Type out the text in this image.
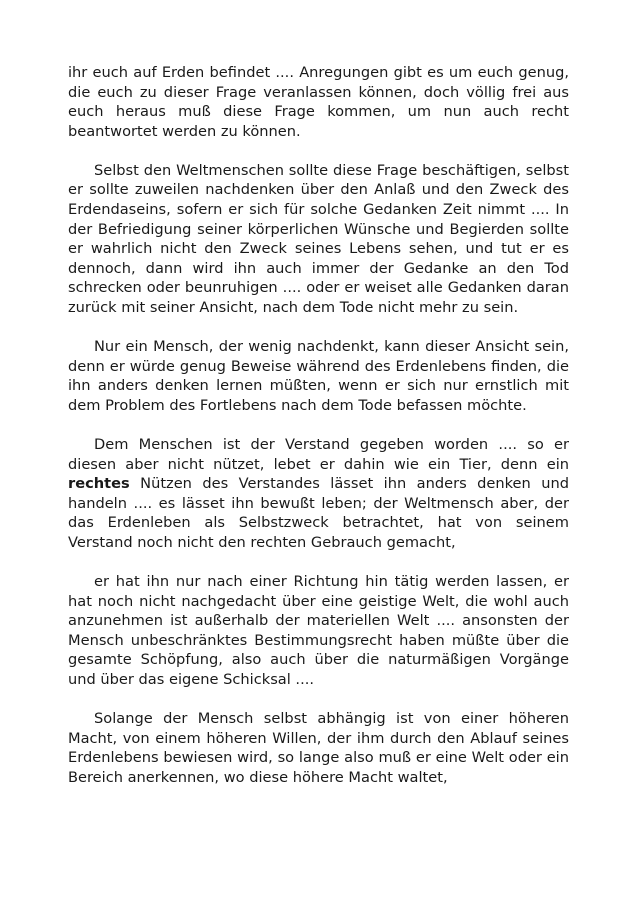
ihr euch auf Erden befindet .... Anregungen gibt es um euch genug, die euch zu dieser Frage veranlassen können, doch völlig frei aus euch heraus muß diese Frage kommen, um nun auch recht beantwortet werden zu können.

Selbst den Weltmenschen sollte diese Frage beschäftigen, selbst er sollte zuweilen nachdenken über den Anlaß und den Zweck des Erdendaseins, sofern er sich für solche Gedanken Zeit nimmt .... In der Befriedigung seiner körperlichen Wünsche und Begierden sollte er wahrlich nicht den Zweck seines Lebens sehen, und tut er es dennoch, dann wird ihn auch immer der Gedanke an den Tod schrecken oder beunruhigen .... oder er weiset alle Gedanken daran zurück mit seiner Ansicht, nach dem Tode nicht mehr zu sein.

Nur ein Mensch, der wenig nachdenkt, kann dieser Ansicht sein, denn er würde genug Beweise während des Erdenlebens finden, die ihn anders denken lernen müßten, wenn er sich nur ernstlich mit dem Problem des Fortlebens nach dem Tode befassen möchte.

Dem Menschen ist der Verstand gegeben worden .... so er diesen aber nicht nützet, lebet er dahin wie ein Tier, denn ein rechtes Nützen des Verstandes lässet ihn anders denken und handeln .... es lässet ihn bewußt leben; der Weltmensch aber, der das Erdenleben als Selbstzweck betrachtet, hat von seinem Verstand noch nicht den rechten Gebrauch gemacht,

er hat ihn nur nach einer Richtung hin tätig werden lassen, er hat noch nicht nachgedacht über eine geistige Welt, die wohl auch anzunehmen ist außerhalb der materiellen Welt .... ansonsten der Mensch unbeschränktes Bestimmungsrecht haben müßte über die gesamte Schöpfung, also auch über die naturmäßigen Vorgänge und über das eigene Schicksal ....

Solange der Mensch selbst abhängig ist von einer höheren Macht, von einem höheren Willen, der ihm durch den Ablauf seines Erdenlebens bewiesen wird, so lange also muß er eine Welt oder ein Bereich anerkennen, wo diese höhere Macht waltet,
